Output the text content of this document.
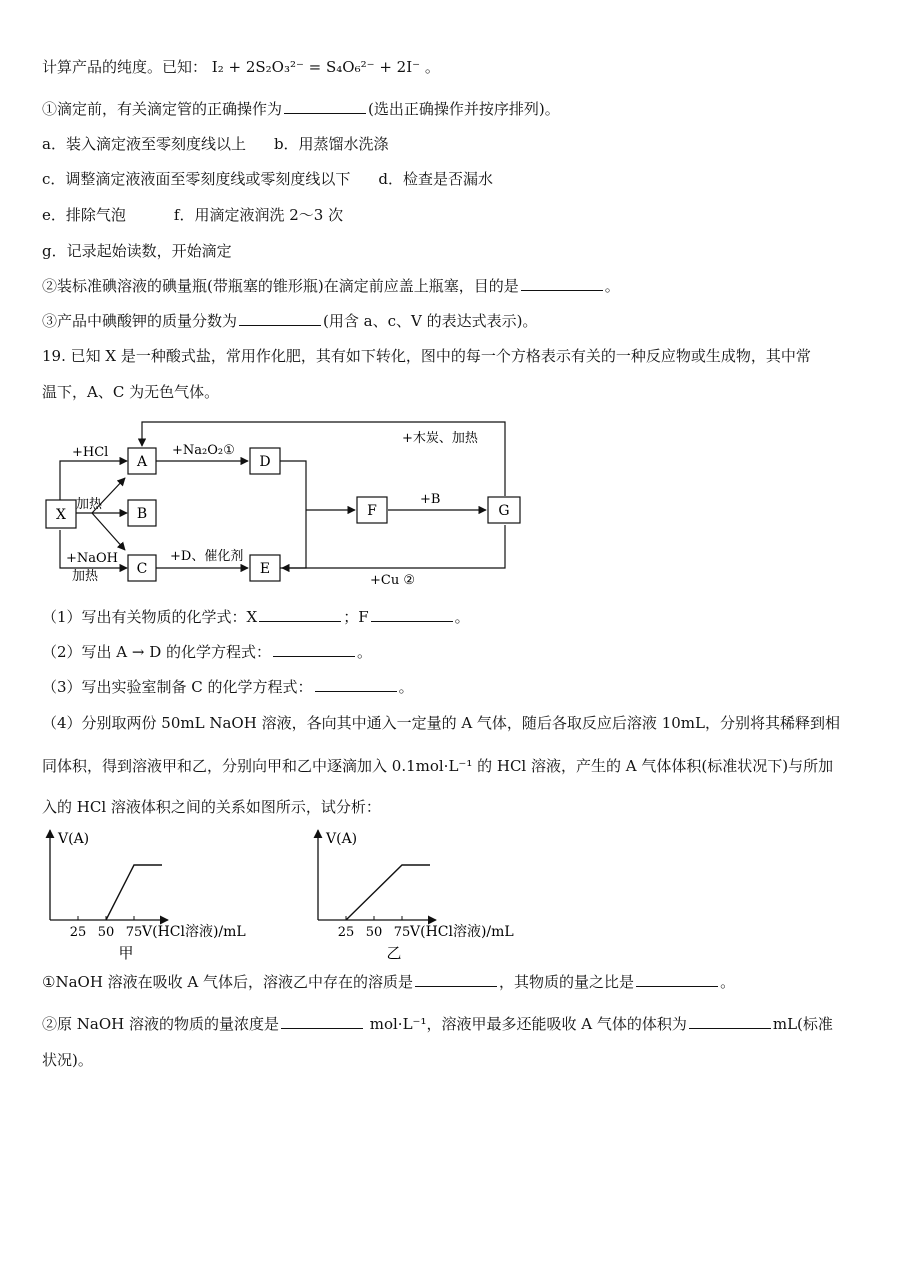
计算产品的纯度。已知： I₂ + 2S₂O₃²⁻ = S₄O₆²⁻ + 2I⁻ 。
①滴定前，有关滴定管的正确操作为	(选出正确操作并按序排列)。
a．装入滴定液至零刻度线以上 b．用蒸馏水洗涤
c．调整滴定液液面至零刻度线或零刻度线以下 d．检查是否漏水
e．排除气泡	f．用滴定液润洗 2～3 次
g．记录起始读数，开始滴定
②装标准碘溶液的碘量瓶(带瓶塞的锥形瓶)在滴定前应盖上瓶塞，目的是	。
③产品中碘酸钾的质量分数为	(用含 a、c、V 的表达式表示)。
19. 已知 X 是一种酸式盐，常用作化肥，其有如下转化，图中的每一个方格表示有关的一种反应物或生成物，其中常
温下，A、C 为无色气体。
A
B
C
D
E
F	G
X
+HCl	+Na₂O₂①
加热
+NaOH
加热
+D、催化剂
+B
+木炭、加热
+Cu ②
（1）写出有关物质的化学式：X	；F	。
（2）写出 A → D 的化学方程式：	。
（3）写出实验室制备 C 的化学方程式：	。
（4）分别取两份 50mL NaOH 溶液，各向其中通入一定量的 A 气体，随后各取反应后溶液 10mL，分别将其稀释到相
同体积，得到溶液甲和乙，分别向甲和乙中逐滴加入 0.1mol·L⁻¹ 的 HCl 溶液，产生的 A 气体体积(标准状况下)与所加
入的 HCl 溶液体积之间的关系如图所示，试分析：
V(A)
25 50 75 V(HCl溶液)/mL
甲
V(A)
25 50 75 V(HCl溶液)/mL
乙
①NaOH 溶液在吸收 A 气体后，溶液乙中存在的溶质是	，其物质的量之比是	。
②原 NaOH 溶液的物质的量浓度是	mol·L⁻¹，溶液甲最多还能吸收 A 气体的体积为	mL(标准
状况)。
